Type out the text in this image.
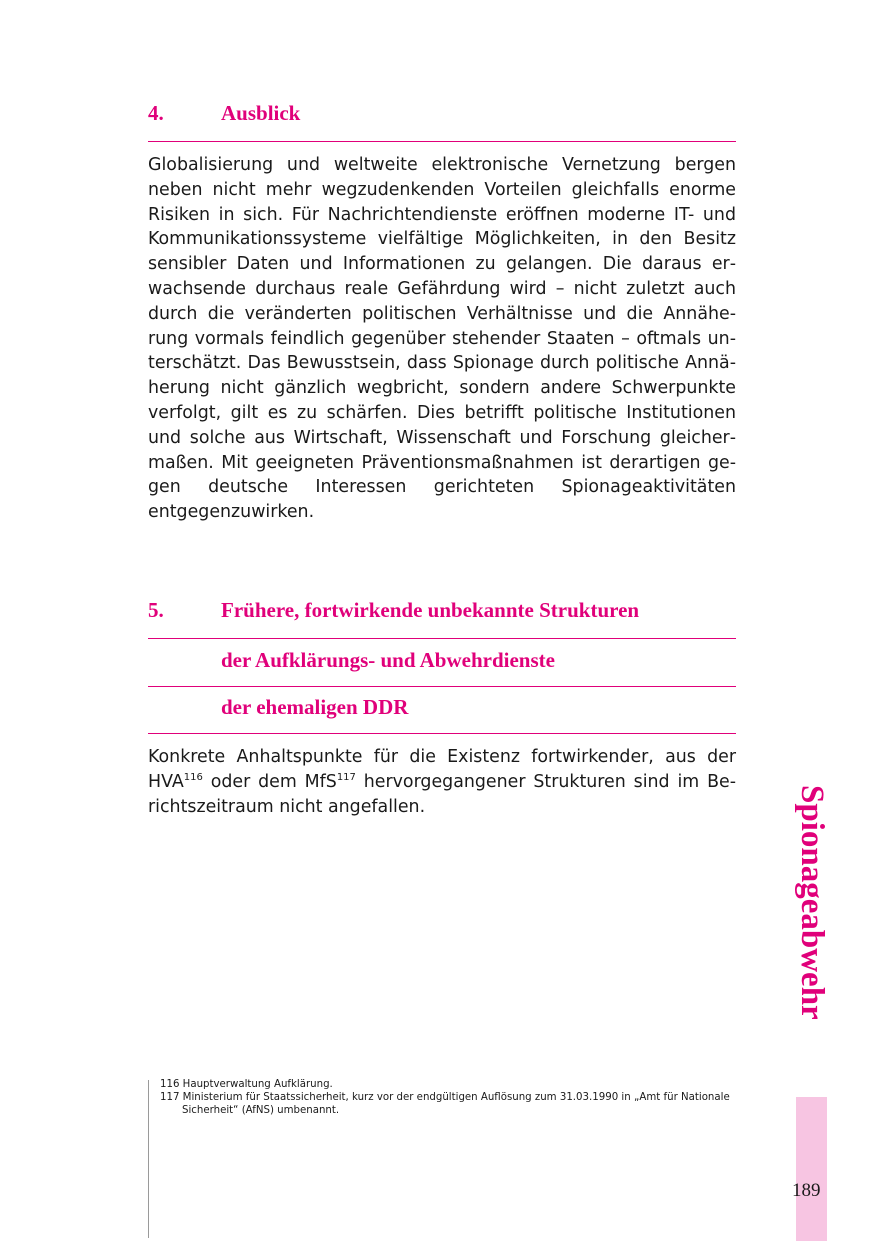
4.	Ausblick

Globalisierung und weltweite elektronische Vernetzung bergen neben nicht mehr wegzudenkenden Vorteilen gleichfalls enorme Risiken in sich. Für Nachrichtendienste eröffnen moderne IT- und Kommunikationssysteme vielfältige Möglichkeiten, in den Besitz sensibler Daten und Informationen zu gelangen. Die daraus erwachsende durchaus reale Gefährdung wird – nicht zuletzt auch durch die veränderten politischen Verhältnisse und die Annäherung vormals feindlich gegenüber stehender Staaten – oftmals unterschätzt. Das Bewusstsein, dass Spionage durch politische Annäherung nicht gänzlich wegbricht, sondern andere Schwerpunkte verfolgt, gilt es zu schärfen. Dies betrifft politische Institutionen und solche aus Wirtschaft, Wissenschaft und Forschung gleichermaßen. Mit geeigneten Präventionsmaßnahmen ist derartigen gegen deutsche Interessen gerichteten Spionageaktivitäten entgegenzuwirken.

5.	Frühere, fortwirkende unbekannte Strukturen
der Aufklärungs- und Abwehrdienste
der ehemaligen DDR

Konkrete Anhaltspunkte für die Existenz fortwirkender, aus der HVA$^{116}$ oder dem MfS$^{117}$ hervorgegangener Strukturen sind im Berichtszeitraum nicht angefallen.

116 Hauptverwaltung Aufklärung.
117 Ministerium für Staatssicherheit, kurz vor der endgültigen Auflösung zum 31.03.1990 in „Amt für Nationale Sicherheit“ (AfNS) umbenannt.
Spionageabwehr
189
